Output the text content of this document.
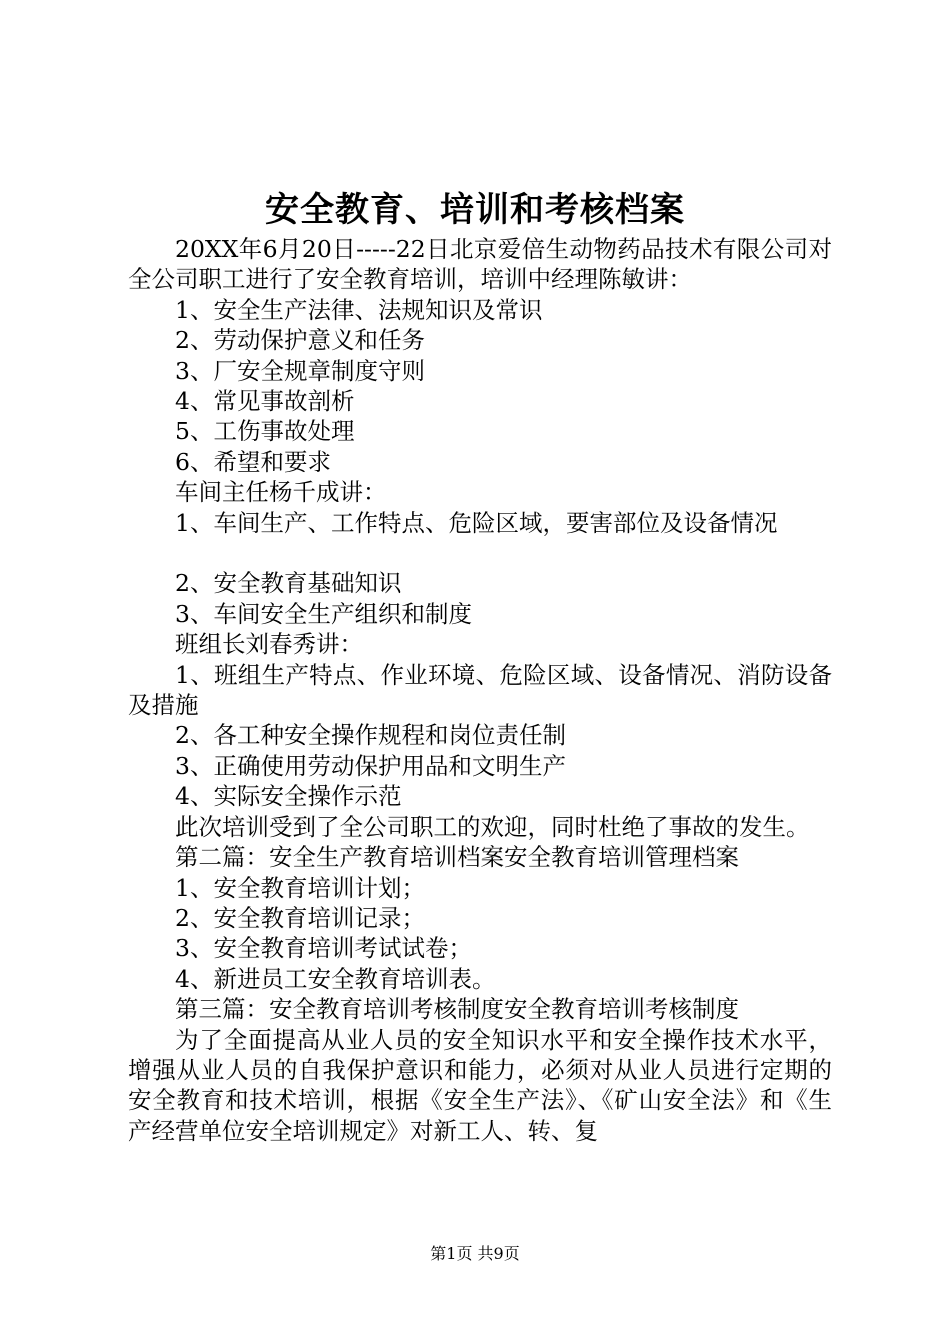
安全教育、培训和考核档案

20XX年6月20日-----22日北京爱倍生动物药品技术有限公司对全公司职工进行了安全教育培训，培训中经理陈敏讲：

1、安全生产法律、法规知识及常识

2、劳动保护意义和任务

3、厂安全规章制度守则

4、常见事故剖析

5、工伤事故处理

6、希望和要求

车间主任杨千成讲：

1、车间生产、工作特点、危险区域，要害部位及设备情况

2、安全教育基础知识

3、车间安全生产组织和制度

班组长刘春秀讲：

1、班组生产特点、作业环境、危险区域、设备情况、消防设备及措施

2、各工种安全操作规程和岗位责任制

3、正确使用劳动保护用品和文明生产

4、实际安全操作示范

此次培训受到了全公司职工的欢迎，同时杜绝了事故的发生。

第二篇：安全生产教育培训档案安全教育培训管理档案

1、安全教育培训计划；

2、安全教育培训记录；

3、安全教育培训考试试卷；

4、新进员工安全教育培训表。

第三篇：安全教育培训考核制度安全教育培训考核制度

为了全面提高从业人员的安全知识水平和安全操作技术水平，增强从业人员的自我保护意识和能力，必须对从业人员进行定期的安全教育和技术培训，根据《安全生产法》、《矿山安全法》和《生产经营单位安全培训规定》对新工人、转、复

第1页 共9页
